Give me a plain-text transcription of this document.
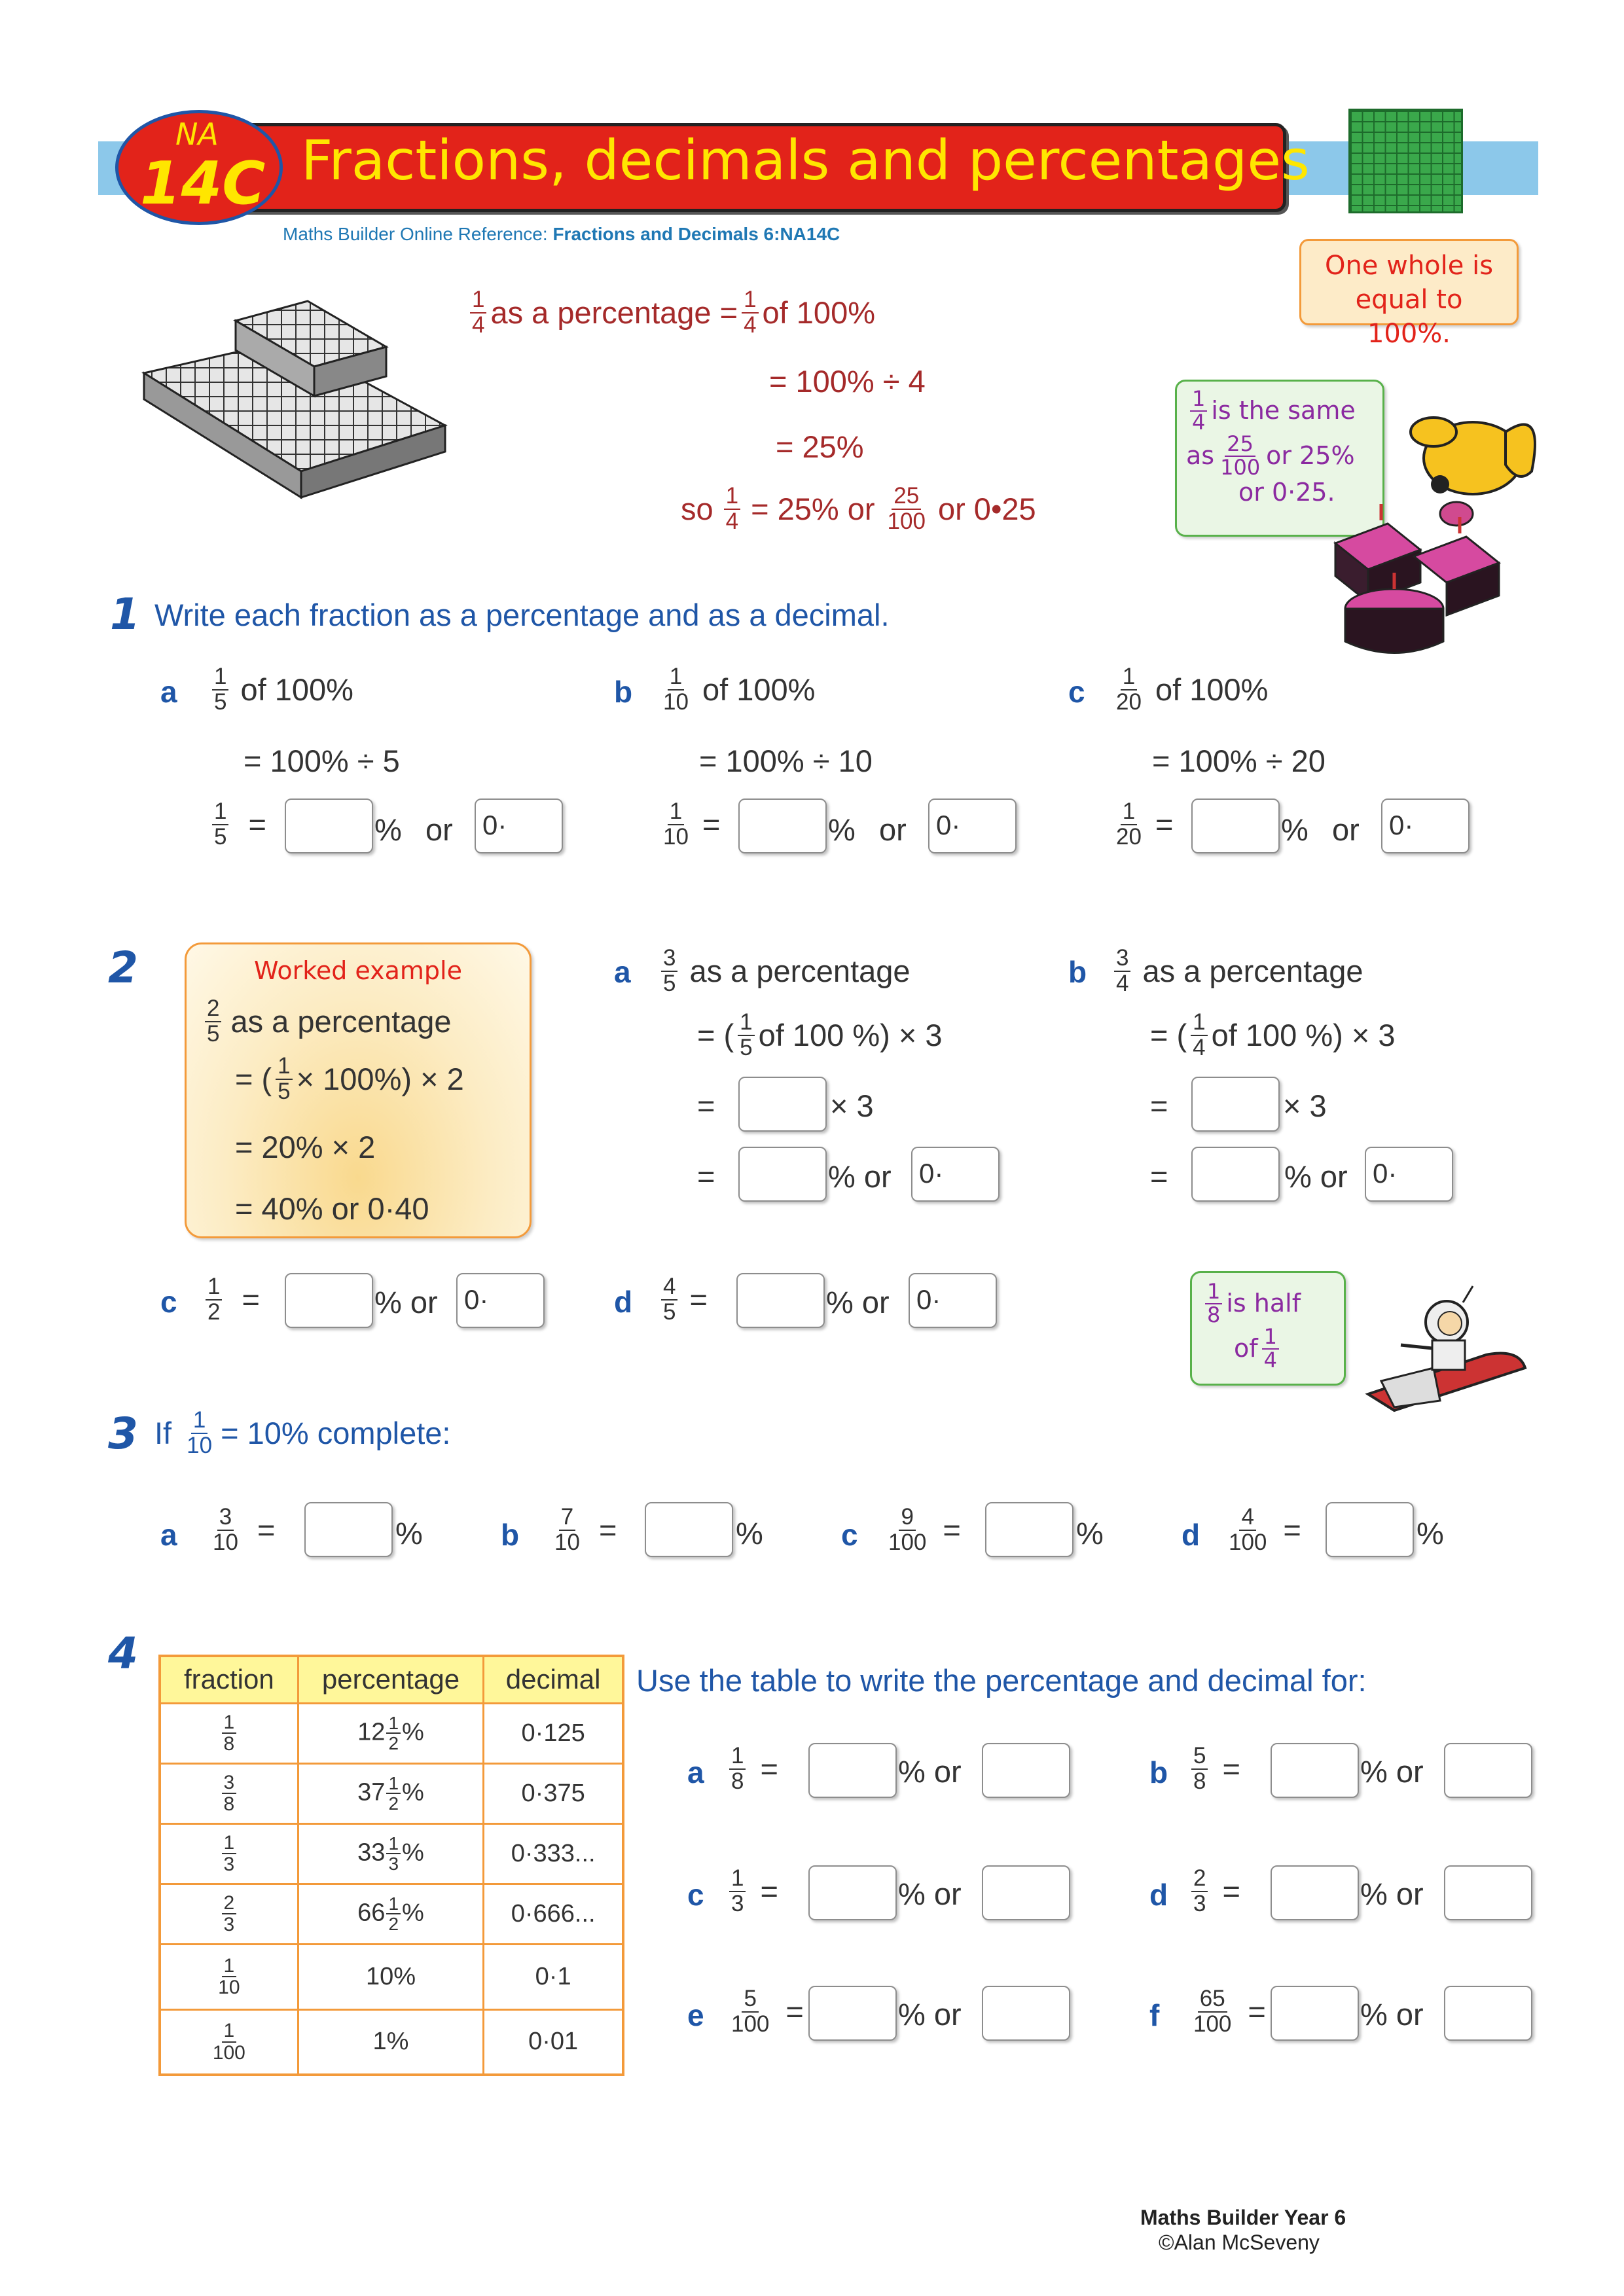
Fractions, decimals and percentages
NA
14C
Maths Builder Online Reference: Fractions and Decimals 6:NA14C
One whole is equal to 100%.
$\frac{1}{4}$ as a percentage = $\frac{1}{4}$ of 100%
= 100% ÷ 4
= 25%
so $\frac{1}{4} = 25\%$ or $\frac{25}{100}$ or 0•25
$\frac{1}{4}$ is the same
as $\frac{25}{100}$ or 25%
or 0·25.
1 Write each fraction as a percentage and as a decimal.
a $\frac{1}{5}$ of 100%
= 100% ÷ 5
$\frac{1}{5}$ =	% or 0·
b $\frac{1}{10}$ of 100%
= 100% ÷ 10
$\frac{1}{10}$ =	% or 0·
c $\frac{1}{20}$ of 100%
= 100% ÷ 20
$\frac{1}{20}$ =	% or 0·
2	Worked example
$\frac{2}{5}$ as a percentage
= ( $\frac{1}{5} \times 100\%) \times 2$
= 20% × 2
= 40% or 0·40
a $\frac{3}{5}$ as a percentage
= ( $\frac{1}{5}$ of 100 %) × 3
=	× 3
=	% or 0·
b $\frac{3}{4}$ as a percentage
= ( $\frac{1}{4}$ of 100 %) × 3
=	× 3
=	% or 0·
c $\frac{1}{2}$ =	% or 0·	d $\frac{4}{5}$ =	% or 0·	$\frac{1}{8}$ is half
of $\frac{1}{4}$
3 If $\frac{1}{10} = 10\%$ complete:
a $\frac{3}{10}$ =	%	b $\frac{7}{10}$ =	%	c $\frac{9}{100}$ =	%	d $\frac{4}{100}$ =	%
4
fraction	percentage	decimal

$\frac{1}{8}$	$12 \frac{1}{2}$ %	0·125

$\frac{3}{8}$	$37 \frac{1}{2}$ %	0·375

$\frac{1}{3}$	$33 \frac{1}{3}$ %	0·333...

$\frac{2}{3}$	$66 \frac{1}{2}$ %	0·666...

$\frac{1}{10}$	10%	0·1

$\frac{1}{100}$	1%	0·01
Use the table to write the percentage and decimal for:
a $\frac{1}{8}$ =	% or	b $\frac{5}{8}$ =	% or
c $\frac{1}{3}$ =	% or	d $\frac{2}{3}$ =	% or
e $\frac{5}{100}$ =	% or	f $\frac{65}{100}$ =	% or
Maths Builder Year 6
©Alan McSeveny
